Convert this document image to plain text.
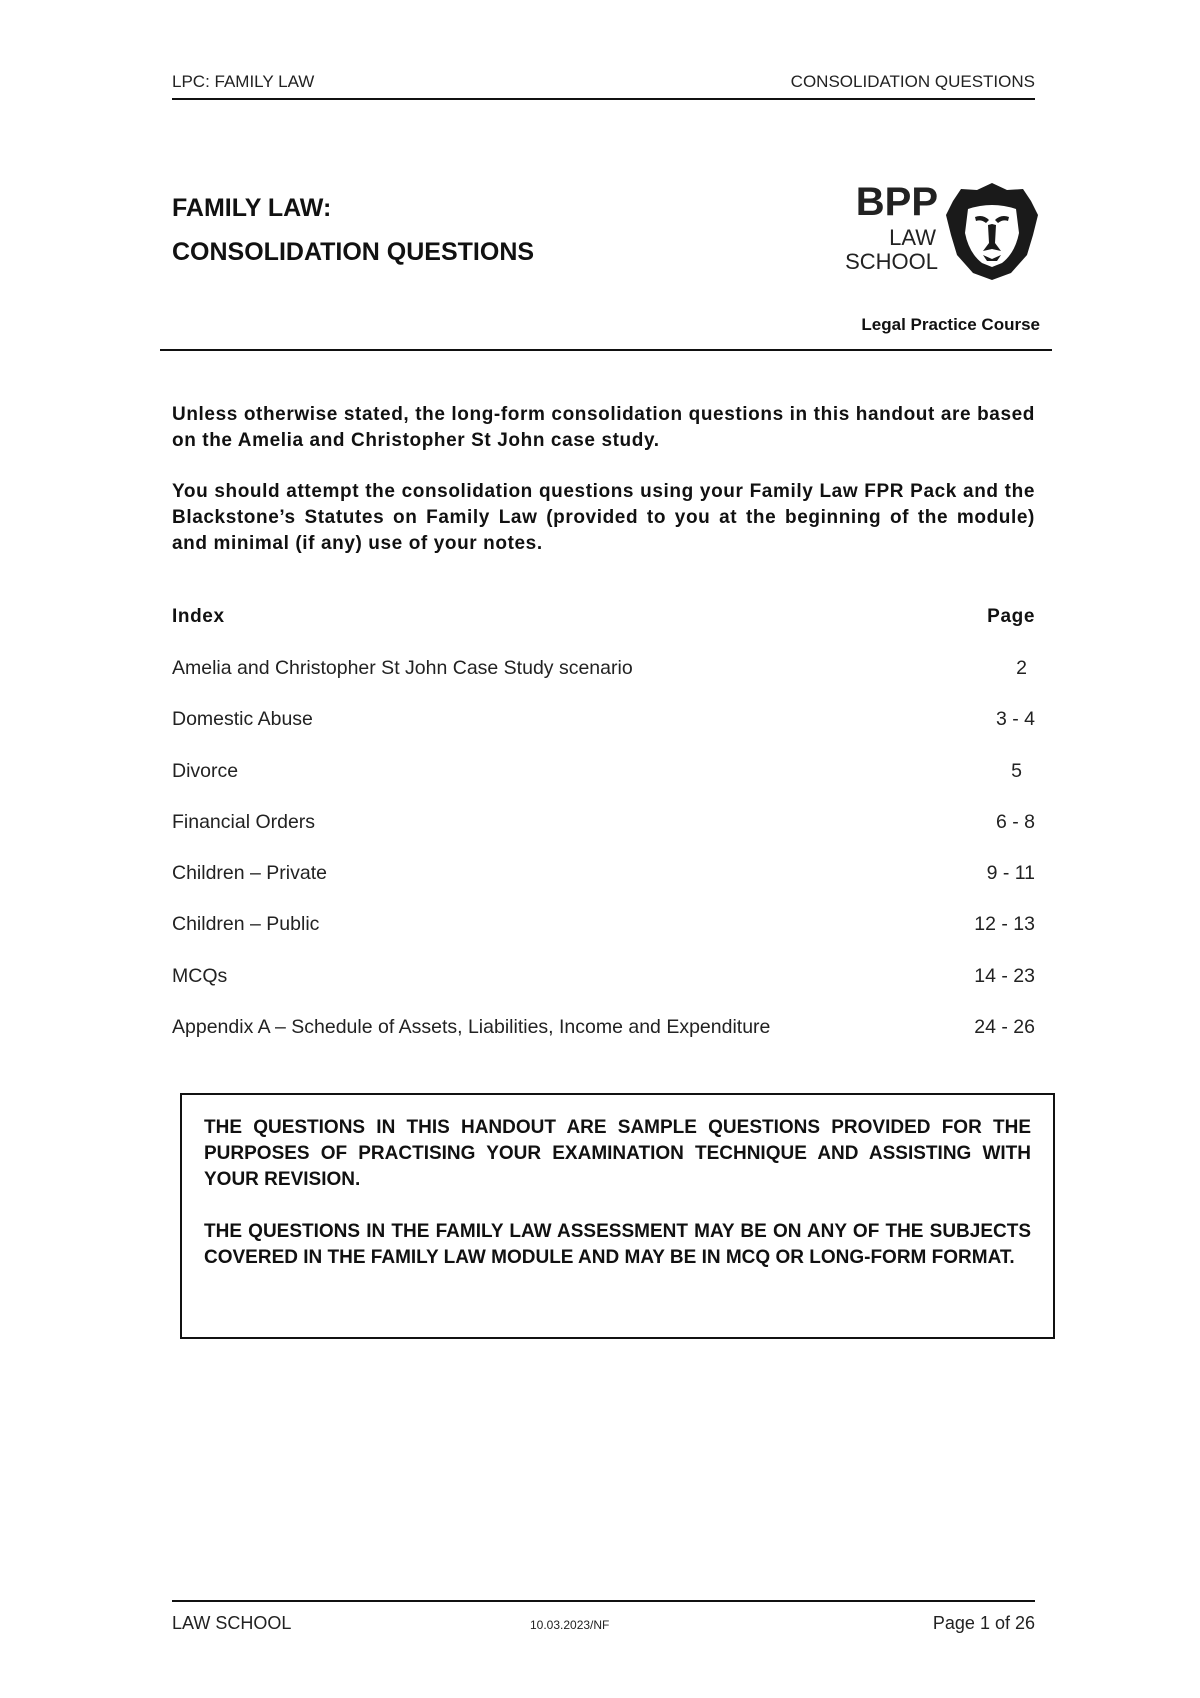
LPC: FAMILY LAW	CONSOLIDATION QUESTIONS
FAMILY LAW:
CONSOLIDATION QUESTIONS
BPP
LAW
SCHOOL
Legal Practice Course

Unless otherwise stated, the long-form consolidation questions in this handout are based on the Amelia and Christopher St John case study.

You should attempt the consolidation questions using your Family Law FPR Pack and the Blackstone’s Statutes on Family Law (provided to you at the beginning of the module) and minimal (if any) use of your notes.

Index	Page
Amelia and Christopher St John Case Study scenario	2
Domestic Abuse	3 - 4
Divorce	5
Financial Orders	6 - 8
Children – Private	9 - 11
Children – Public	12 - 13
MCQs	14 - 23
Appendix A – Schedule of Assets, Liabilities, Income and Expenditure	24 - 26

THE QUESTIONS IN THIS HANDOUT ARE SAMPLE QUESTIONS PROVIDED FOR THE PURPOSES OF PRACTISING YOUR EXAMINATION TECHNIQUE AND ASSISTING WITH YOUR REVISION.

THE QUESTIONS IN THE FAMILY LAW ASSESSMENT MAY BE ON ANY OF THE SUBJECTS COVERED IN THE FAMILY LAW MODULE AND MAY BE IN MCQ OR LONG-FORM FORMAT.

LAW SCHOOL	10.03.2023/NF	Page 1 of 26
